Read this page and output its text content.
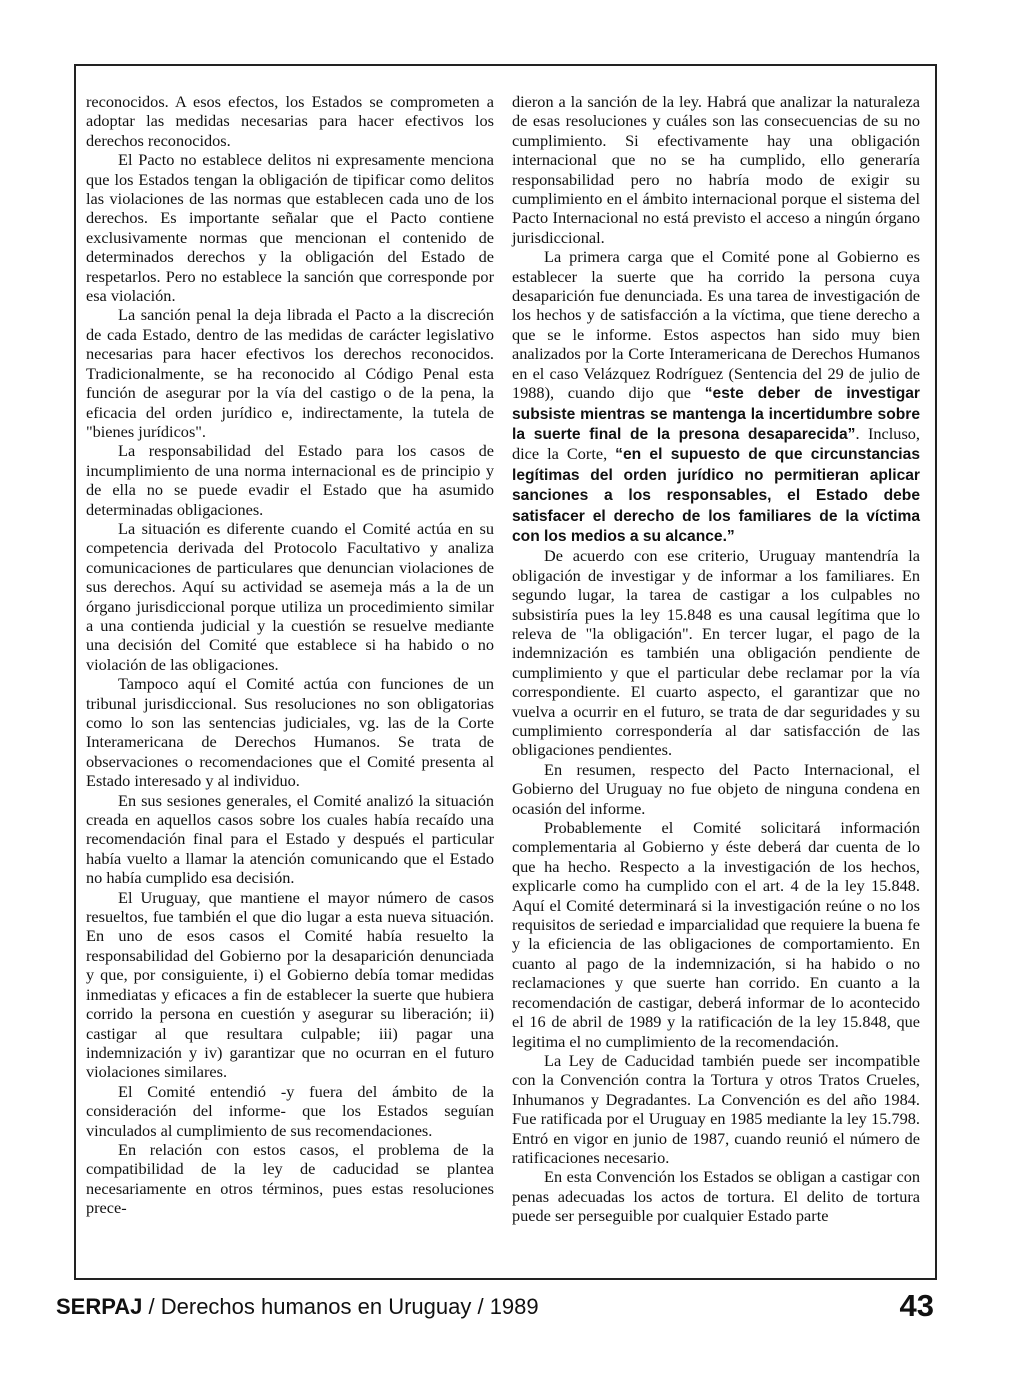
reconocidos. A esos efectos, los Estados se comprometen a adoptar las medidas necesarias para hacer efectivos los derechos reconocidos.

El Pacto no establece delitos ni expresamente menciona que los Estados tengan la obligación de tipificar como delitos las violaciones de las normas que establecen cada uno de los derechos. Es importante señalar que el Pacto contiene exclusivamente normas que mencionan el contenido de determinados derechos y la obligación del Estado de respetarlos. Pero no establece la sanción que corresponde por esa violación.

La sanción penal la deja librada el Pacto a la discreción de cada Estado, dentro de las medidas de carácter legislativo necesarias para hacer efectivos los derechos reconocidos. Tradicionalmente, se ha reconocido al Código Penal esta función de asegurar por la vía del castigo o de la pena, la eficacia del orden jurídico e, indirectamente, la tutela de "bienes jurídicos".

La responsabilidad del Estado para los casos de incumplimiento de una norma internacional es de principio y de ella no se puede evadir el Estado que ha asumido determinadas obligaciones.

La situación es diferente cuando el Comité actúa en su competencia derivada del Protocolo Facultativo y analiza comunicaciones de particulares que denuncian violaciones de sus derechos. Aquí su actividad se asemeja más a la de un órgano jurisdiccional porque utiliza un procedimiento similar a una contienda judicial y la cuestión se resuelve mediante una decisión del Comité que establece si ha habido o no violación de las obligaciones.

Tampoco aquí el Comité actúa con funciones de un tribunal jurisdiccional. Sus resoluciones no son obligatorias como lo son las sentencias judiciales, vg. las de la Corte Interamericana de Derechos Humanos. Se trata de observaciones o recomendaciones que el Comité presenta al Estado interesado y al individuo.

En sus sesiones generales, el Comité analizó la situación creada en aquellos casos sobre los cuales había recaído una recomendación final para el Estado y después el particular había vuelto a llamar la atención comunicando que el Estado no había cumplido esa decisión.

El Uruguay, que mantiene el mayor número de casos resueltos, fue también el que dio lugar a esta nueva situación. En uno de esos casos el Comité había resuelto la responsabilidad del Gobierno por la desaparición denunciada y que, por consiguiente, i) el Gobierno debía tomar medidas inmediatas y eficaces a fin de establecer la suerte que hubiera corrido la persona en cuestión y asegurar su liberación; ii) castigar al que resultara culpable; iii) pagar una indemnización y iv) garantizar que no ocurran en el futuro violaciones similares.

El Comité entendió -y fuera del ámbito de la consideración del informe- que los Estados seguían vinculados al cumplimiento de sus recomendaciones.

En relación con estos casos, el problema de la compatibilidad de la ley de caducidad se plantea necesariamente en otros términos, pues estas resoluciones prece-

dieron a la sanción de la ley. Habrá que analizar la naturaleza de esas resoluciones y cuáles son las consecuencias de su no cumplimiento. Si efectivamente hay una obligación internacional que no se ha cumplido, ello generaría responsabilidad pero no habría modo de exigir su cumplimiento en el ámbito internacional porque el sistema del Pacto Internacional no está previsto el acceso a ningún órgano jurisdiccional.

La primera carga que el Comité pone al Gobierno es establecer la suerte que ha corrido la persona cuya desaparición fue denunciada. Es una tarea de investigación de los hechos y de satisfacción a la víctima, que tiene derecho a que se le informe. Estos aspectos han sido muy bien analizados por la Corte Interamericana de Derechos Humanos en el caso Velázquez Rodríguez (Sentencia del 29 de julio de 1988), cuando dijo que “este deber de investigar subsiste mientras se mantenga la incertidumbre sobre la suerte final de la presona desaparecida”. Incluso, dice la Corte, “en el supuesto de que circunstancias legítimas del orden jurídico no permitieran aplicar sanciones a los responsables, el Estado debe satisfacer el derecho de los familiares de la víctima con los medios a su alcance.”

De acuerdo con ese criterio, Uruguay mantendría la obligación de investigar y de informar a los familiares. En segundo lugar, la tarea de castigar a los culpables no subsistiría pues la ley 15.848 es una causal legítima que lo releva de "la obligación". En tercer lugar, el pago de la indemnización es también una obligación pendiente de cumplimiento y que el particular debe reclamar por la vía correspondiente. El cuarto aspecto, el garantizar que no vuelva a ocurrir en el futuro, se trata de dar seguridades y su cumplimiento correspondería al dar satisfacción de las obligaciones pendientes.

En resumen, respecto del Pacto Internacional, el Gobierno del Uruguay no fue objeto de ninguna condena en ocasión del informe.

Probablemente el Comité solicitará información complementaria al Gobierno y éste deberá dar cuenta de lo que ha hecho. Respecto a la investigación de los hechos, explicarle como ha cumplido con el art. 4 de la ley 15.848. Aquí el Comité determinará si la investigación reúne o no los requisitos de seriedad e imparcialidad que requiere la buena fe y la eficiencia de las obligaciones de comportamiento. En cuanto al pago de la indemnización, si ha habido o no reclamaciones y que suerte han corrido. En cuanto a la recomendación de castigar, deberá informar de lo acontecido el 16 de abril de 1989 y la ratificación de la ley 15.848, que legitima el no cumplimiento de la recomendación.

La Ley de Caducidad también puede ser incompatible con la Convención contra la Tortura y otros Tratos Crueles, Inhumanos y Degradantes. La Convención es del año 1984. Fue ratificada por el Uruguay en 1985 mediante la ley 15.798. Entró en vigor en junio de 1987, cuando reunió el número de ratificaciones necesario.

En esta Convención los Estados se obligan a castigar con penas adecuadas los actos de tortura. El delito de tortura puede ser perseguible por cualquier Estado parte

SERPAJ / Derechos humanos en Uruguay / 1989	43
